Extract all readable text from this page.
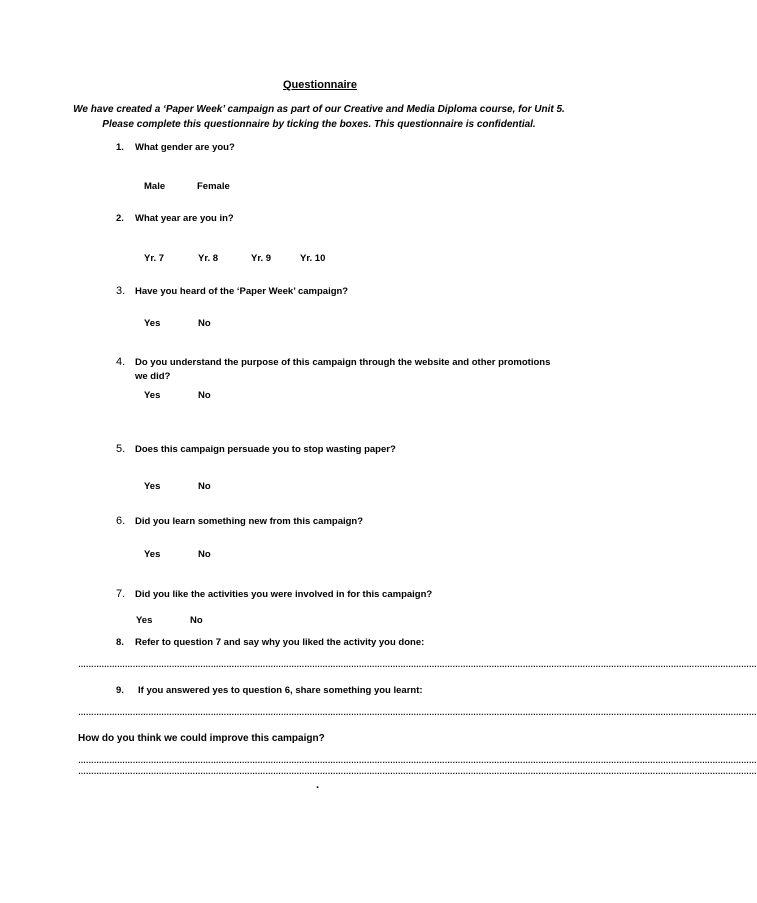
Questionnaire
We have created a ‘Paper Week’ campaign as part of our Creative and Media Diploma course, for Unit 5.
Please complete this questionnaire by ticking the boxes. This questionnaire is confidential.
1. What gender are you?
Male	Female
2. What year are you in?
Yr. 7	Yr. 8	Yr. 9	Yr. 10
3. Have you heard of the ‘Paper Week’ campaign?
Yes	No
4. Do you understand the purpose of this campaign through the website and other promotions
we did?
Yes	No
5. Does this campaign persuade you to stop wasting paper?
Yes	No
6. Did you learn something new from this campaign?
Yes	No
7. Did you like the activities you were involved in for this campaign?
Yes	No
8. Refer to question 7 and say why you liked the activity you done:
………………………………………………………………………………………………………………………………………………………………………………………………………………………………………
9. If you answered yes to question 6, share something you learnt:
………………………………………………………………………………………………………………………………………………………………………………………………………………………………………
How do you think we could improve this campaign?
………………………………………………………………………………………………………………………………………………………………………………………………………………………………………
………………………………………………………………………………………………………………………………………………………………………………………………………………………………………
.
